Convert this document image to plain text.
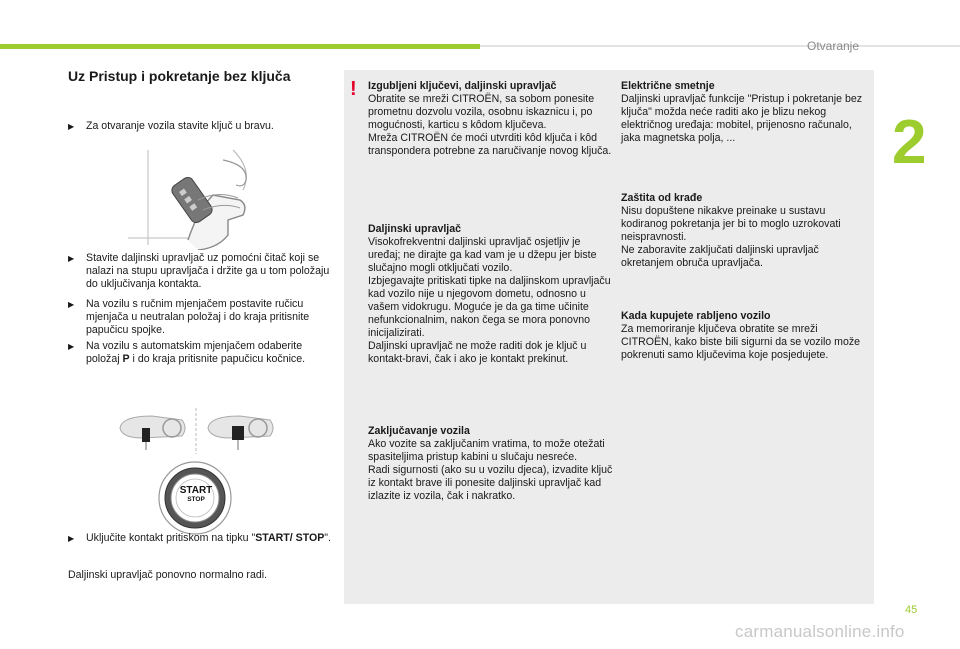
Otvaranje
2
Uz Pristup i pokretanje bez ključa
▶	Za otvaranje vozila stavite ključ u bravu.
▶	Stavite daljinski upravljač uz pomoćni čitač koji se nalazi na stupu upravljača i držite ga u tom položaju do uključivanja kontakta.
▶	Na vozilu s ručnim mjenjačem postavite ručicu mjenjača u neutralan položaj i do kraja pritisnite papučicu spojke.
▶	Na vozilu s automatskim mjenjačem odaberite položaj P i do kraja pritisnite papučicu kočnice.
START
STOP
▶	Uključite kontakt pritiskom na tipku "START/ STOP".
Daljinski upravljač ponovno normalno radi.
!	Izgubljeni ključevi, daljinski upravljač
Obratite se mreži CITROËN, sa sobom ponesite prometnu dozvolu vozila, osobnu iskaznicu i, po mogućnosti, karticu s kôdom ključeva.
Mreža CITROËN će moći utvrditi kôd ključa i kôd transpondera potrebne za naručivanje novog ključa.
Daljinski upravljač
Visokofrekventni daljinski upravljač osjetljiv je uređaj; ne dirajte ga kad vam je u džepu jer biste slučajno mogli otključati vozilo.
Izbjegavajte pritiskati tipke na daljinskom upravljaču kad vozilo nije u njegovom dometu, odnosno u vašem vidokrugu. Moguće je da ga time učinite nefunkcionalnim, nakon čega se mora ponovno inicijalizirati.
Daljinski upravljač ne može raditi dok je ključ u kontakt-bravi, čak i ako je kontakt prekinut.
Zaključavanje vozila
Ako vozite sa zaključanim vratima, to može otežati spasiteljima pristup kabini u slučaju nesreće.
Radi sigurnosti (ako su u vozilu djeca), izvadite ključ iz kontakt brave ili ponesite daljinski upravljač kad izlazite iz vozila, čak i nakratko.
Električne smetnje
Daljinski upravljač funkcije "Pristup i pokretanje bez ključa" možda neće raditi ako je blizu nekog električnog uređaja: mobitel, prijenosno računalo, jaka magnetska polja, ...
Zaštita od krađe
Nisu dopuštene nikakve preinake u sustavu kodiranog pokretanja jer bi to moglo uzrokovati neispravnosti.
Ne zaboravite zaključati daljinski upravljač okretanjem obruča upravljača.
Kada kupujete rabljeno vozilo
Za memoriranje ključeva obratite se mreži CITROËN, kako biste bili sigurni da se vozilo može pokrenuti samo ključevima koje posjedujete.
45
carmanualsonline.info
